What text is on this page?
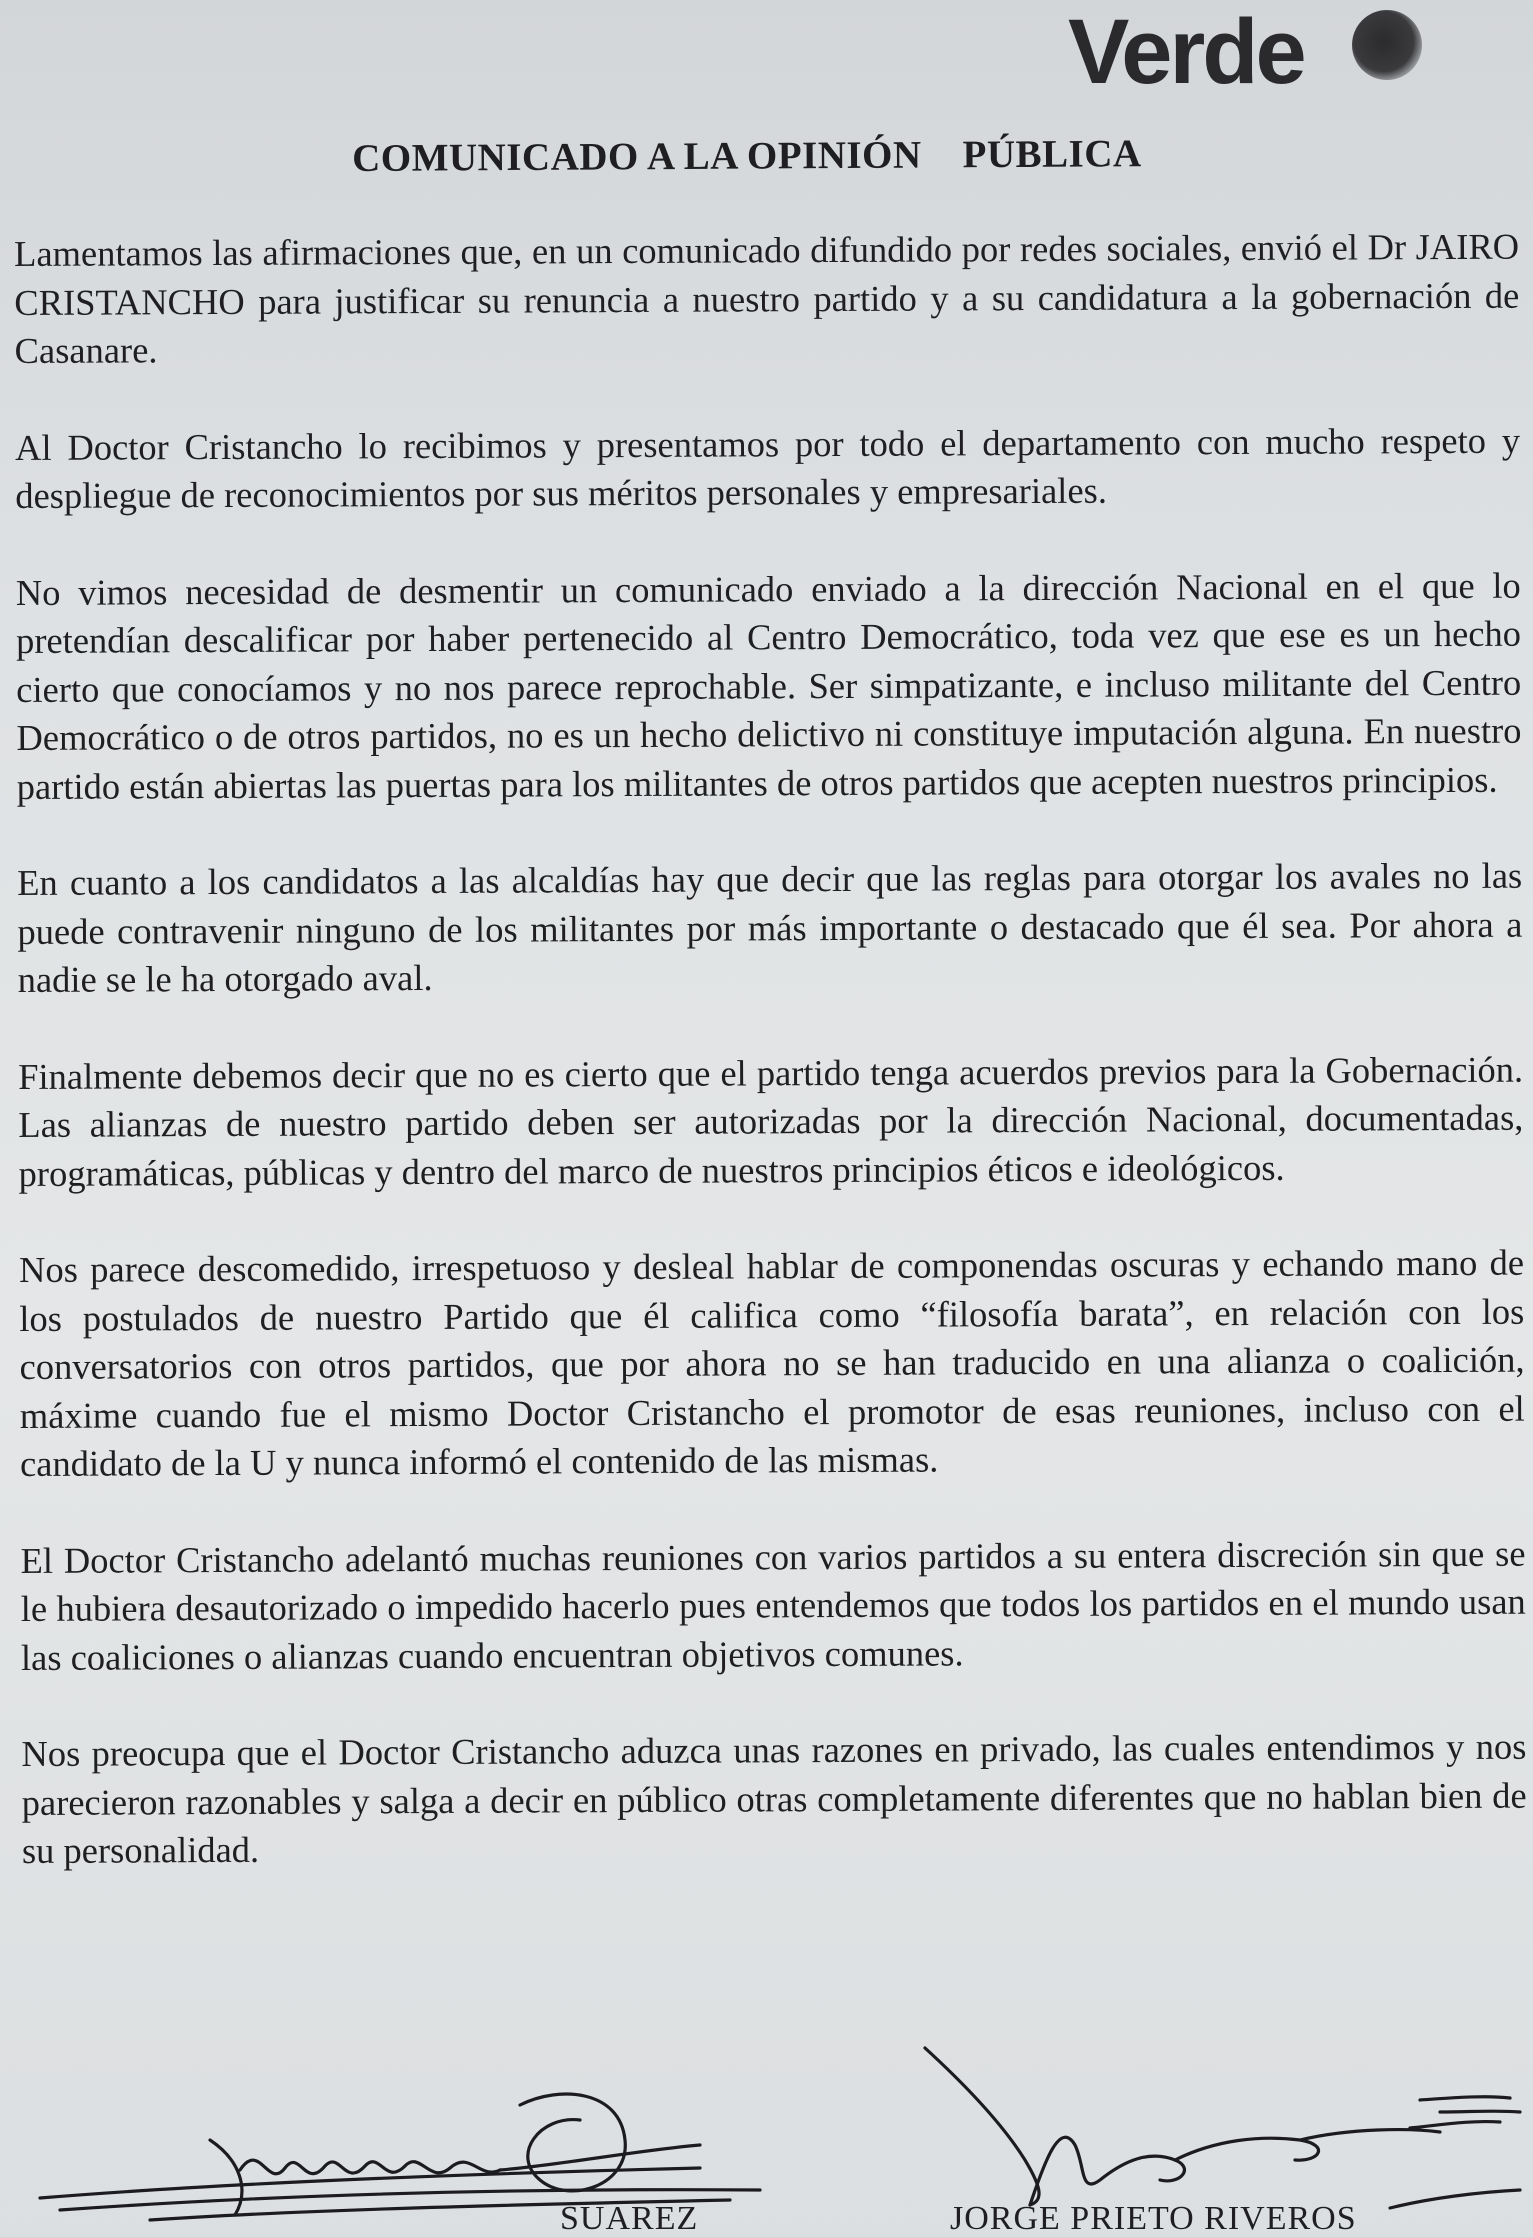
Verde
COMUNICADO A LA OPINIÓN    PÚBLICA

Lamentamos las afirmaciones que, en un comunicado difundido por redes sociales, envió el Dr JAIRO CRISTANCHO para justificar su renuncia a nuestro partido y a su candidatura a la gobernación de Casanare.

Al Doctor Cristancho lo recibimos y presentamos por todo el departamento con mucho respeto y despliegue de reconocimientos por sus méritos personales y empresariales.

No vimos necesidad de desmentir un comunicado enviado a la dirección Nacional en el que lo pretendían descalificar por haber pertenecido al Centro Democrático, toda vez que ese es un hecho cierto que conocíamos y no nos parece reprochable. Ser simpatizante, e incluso militante del Centro Democrático o de otros partidos, no es un hecho delictivo ni constituye imputación alguna. En nuestro partido están abiertas las puertas para los militantes de otros partidos que acepten nuestros principios.

En cuanto a los candidatos a las alcaldías hay que decir que las reglas para otorgar los avales no las puede contravenir ninguno de los militantes por más importante o destacado que él sea. Por ahora a nadie se le ha otorgado aval.

Finalmente debemos decir que no es cierto que el partido tenga acuerdos previos para la Gobernación. Las alianzas de nuestro partido deben ser autorizadas por la dirección Nacional, documentadas, programáticas, públicas y dentro del marco de nuestros principios éticos e ideológicos.

Nos parece descomedido, irrespetuoso y desleal hablar de componendas oscuras y echando mano de los postulados de nuestro Partido que él califica como “filosofía barata”, en relación con los conversatorios con otros partidos, que por ahora no se han traducido en una alianza o coalición, máxime cuando fue el mismo Doctor Cristancho el promotor de esas reuniones, incluso con el candidato de la U y nunca informó el contenido de las mismas.

El Doctor Cristancho adelantó muchas reuniones con varios partidos a su entera discreción sin que se le hubiera desautorizado o impedido hacerlo pues entendemos que todos los partidos en el mundo usan las coaliciones o alianzas cuando encuentran objetivos comunes.

Nos preocupa que el Doctor Cristancho aduzca unas razones en privado, las cuales entendimos y nos parecieron razonables y salga a decir en público otras completamente diferentes que no hablan bien de su personalidad.

SUAREZ	JORGE PRIETO RIVEROS
